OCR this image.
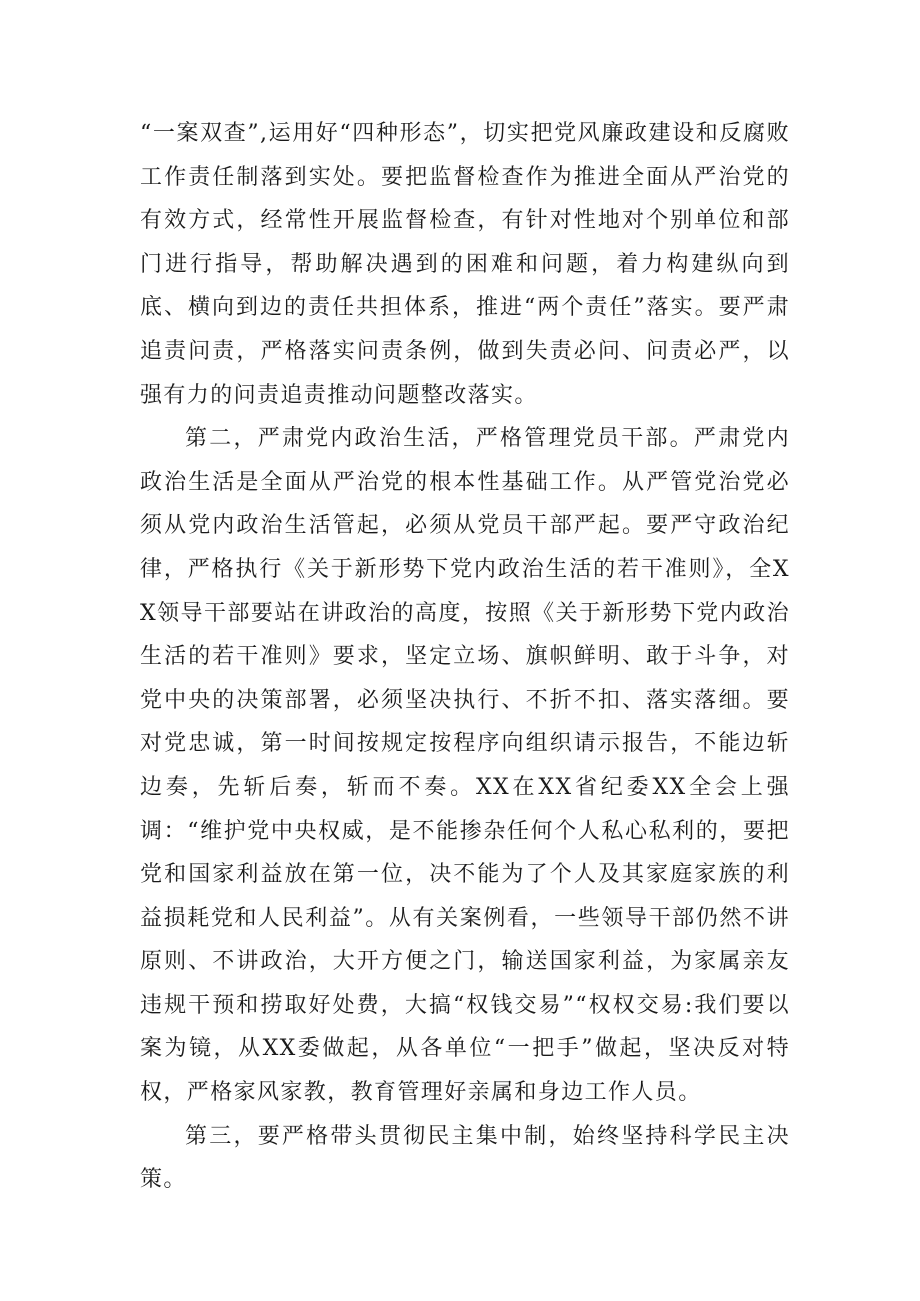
“一案双查”,运用好“四种形态”，切实把党风廉政建设和反腐败工作责任制落到实处。要把监督检查作为推进全面从严治党的有效方式，经常性开展监督检查，有针对性地对个别单位和部门进行指导，帮助解决遇到的困难和问题，着力构建纵向到底、横向到边的责任共担体系，推进“两个责任”落实。要严肃追责问责，严格落实问责条例，做到失责必问、问责必严，以强有力的问责追责推动问题整改落实。

第二，严肃党内政治生活，严格管理党员干部。严肃党内政治生活是全面从严治党的根本性基础工作。从严管党治党必须从党内政治生活管起，必须从党员干部严起。要严守政治纪律，严格执行《关于新形势下党内政治生活的若干准则》，全XX领导干部要站在讲政治的高度，按照《关于新形势下党内政治生活的若干准则》要求，坚定立场、旗帜鲜明、敢于斗争，对党中央的决策部署，必须坚决执行、不折不扣、落实落细。要对党忠诚，第一时间按规定按程序向组织请示报告，不能边斩边奏，先斩后奏，斩而不奏。XX在XX省纪委XX全会上强调：“维护党中央权威，是不能掺杂任何个人私心私利的，要把党和国家利益放在第一位，决不能为了个人及其家庭家族的利益损耗党和人民利益”。从有关案例看，一些领导干部仍然不讲原则、不讲政治，大开方便之门，输送国家利益，为家属亲友违规干预和捞取好处费，大搞“权钱交易”“权权交易:我们要以案为镜，从XX委做起，从各单位“一把手”做起，坚决反对特权，严格家风家教，教育管理好亲属和身边工作人员。

第三，要严格带头贯彻民主集中制，始终坚持科学民主决策。
